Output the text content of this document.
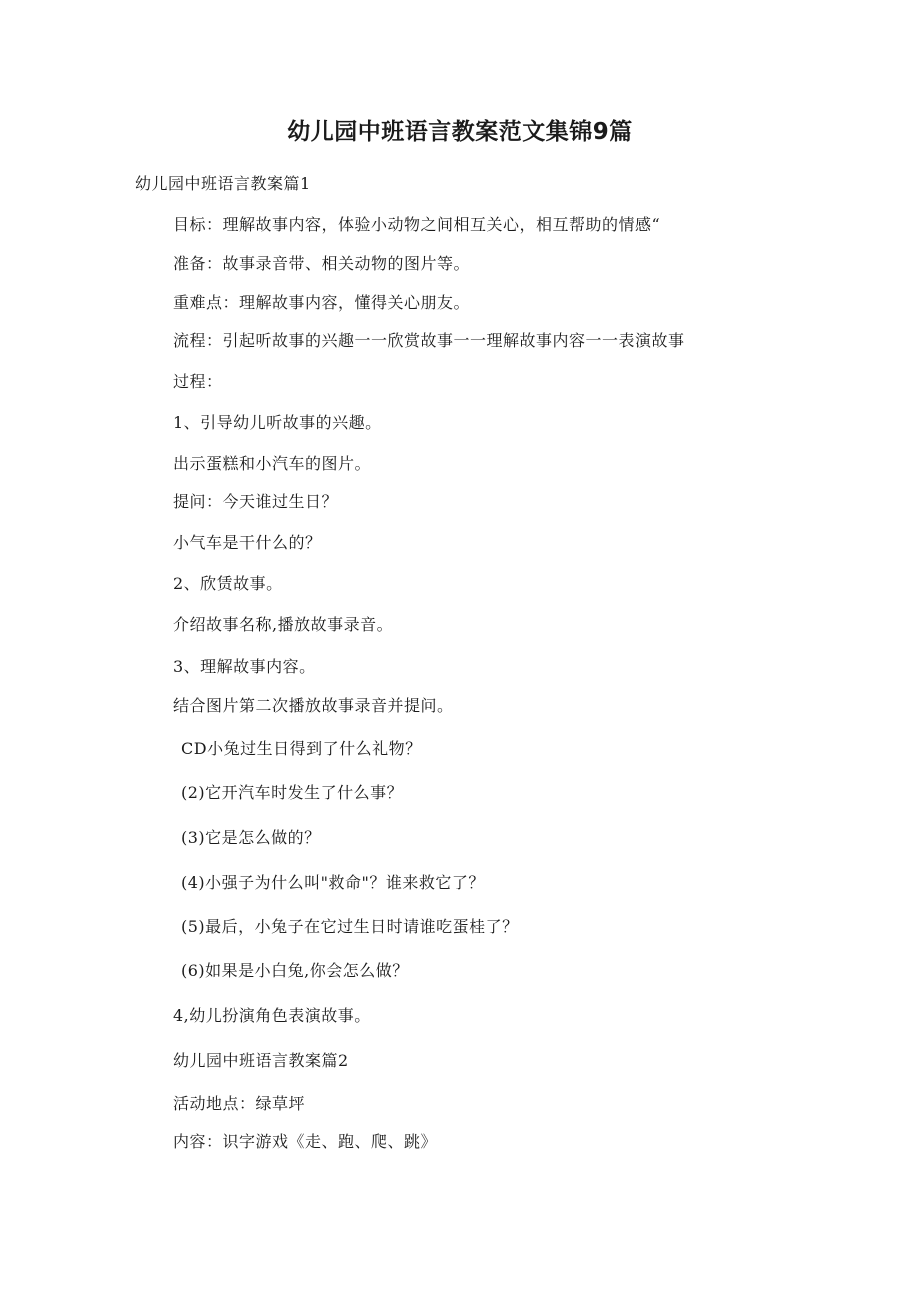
幼儿园中班语言教案范文集锦9篇

幼儿园中班语言教案篇1

目标：理解故事内容，体验小动物之间相互关心，相互帮助的情感“

准备：故事录音带、相关动物的图片等。

重难点：理解故事内容，懂得关心朋友。

流程：引起听故事的兴趣一一欣赏故事一一理解故事内容一一表演故事

过程：

1、引导幼儿听故事的兴趣。

出示蛋糕和小汽车的图片。

提问：今天谁过生日？

小气车是干什么的？

2、欣赁故事。

介绍故事名称,播放故事录音。

3、理解故事内容。

结合图片第二次播放故事录音并提问。

CD小兔过生日得到了什么礼物？

(2)它开汽车时发生了什么事？

(3)它是怎么做的？

(4)小强子为什么叫"救命"？谁来救它了？

(5)最后，小兔子在它过生日时请谁吃蛋桂了？

(6)如果是小白兔,你会怎么做？

4,幼儿扮演角色表演故事。

幼儿园中班语言教案篇2

活动地点：绿草坪

内容：识字游戏《走、跑、爬、跳》
